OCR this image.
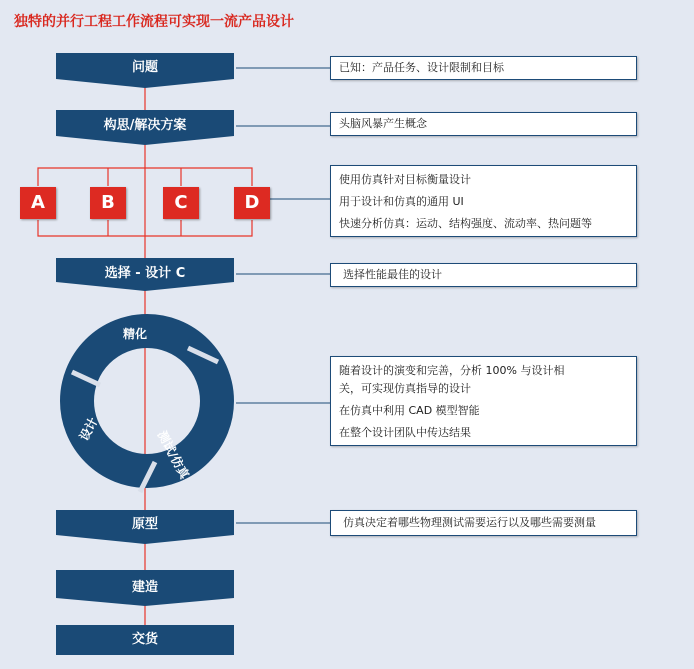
独特的并行工程工作流程可实现一流产品设计
问题
构思/解决方案
选择 - 设计 C
原型
建造
交货
A	B	C	D
精化
测试/仿真
设计
已知：产品任务、设计限制和目标
头脑风暴产生概念
使用仿真针对目标衡量设计
用于设计和仿真的通用 UI
快速分析仿真：运动、结构强度、流动率、热问题等
选择性能最佳的设计
随着设计的演变和完善，分析 100% 与设计相
关，可实现仿真指导的设计
在仿真中利用 CAD 模型智能
在整个设计团队中传达结果
仿真决定着哪些物理测试需要运行以及哪些需要测量
